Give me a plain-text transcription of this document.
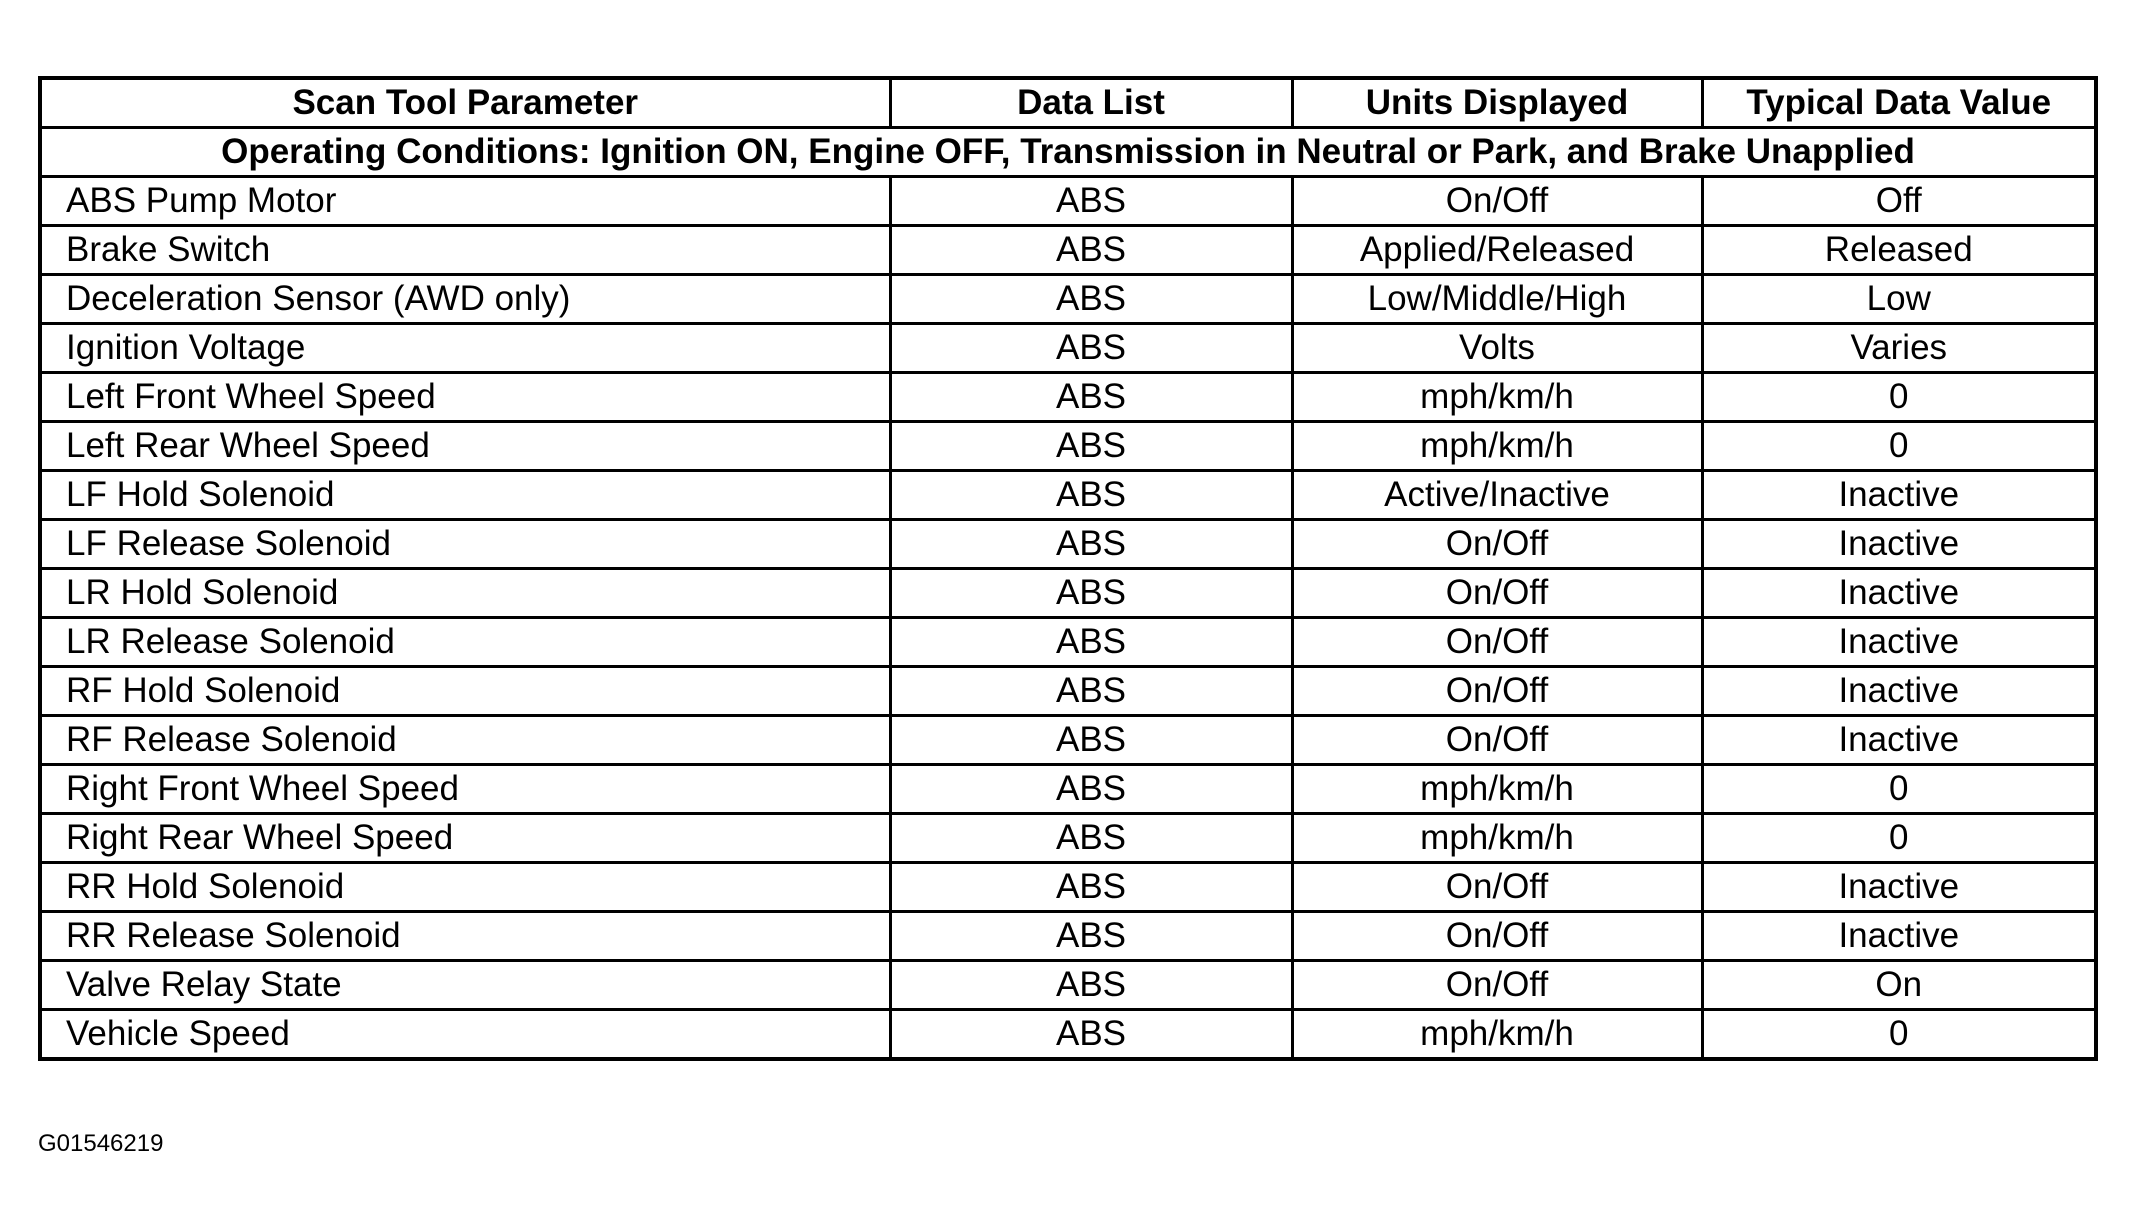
Scan Tool Parameter	Data List	Units Displayed	Typical Data Value
Operating Conditions: Ignition ON, Engine OFF, Transmission in Neutral or Park, and Brake Unapplied			
ABS Pump Motor	ABS	On/Off	Off
Brake Switch	ABS	Applied/Released	Released
Deceleration Sensor (AWD only)	ABS	Low/Middle/High	Low
Ignition Voltage	ABS	Volts	Varies
Left Front Wheel Speed	ABS	mph/km/h	0
Left Rear Wheel Speed	ABS	mph/km/h	0
LF Hold Solenoid	ABS	Active/Inactive	Inactive
LF Release Solenoid	ABS	On/Off	Inactive
LR Hold Solenoid	ABS	On/Off	Inactive
LR Release Solenoid	ABS	On/Off	Inactive
RF Hold Solenoid	ABS	On/Off	Inactive
RF Release Solenoid	ABS	On/Off	Inactive
Right Front Wheel Speed	ABS	mph/km/h	0
Right Rear Wheel Speed	ABS	mph/km/h	0
RR Hold Solenoid	ABS	On/Off	Inactive
RR Release Solenoid	ABS	On/Off	Inactive
Valve Relay State	ABS	On/Off	On
Vehicle Speed	ABS	mph/km/h	0
G01546219
